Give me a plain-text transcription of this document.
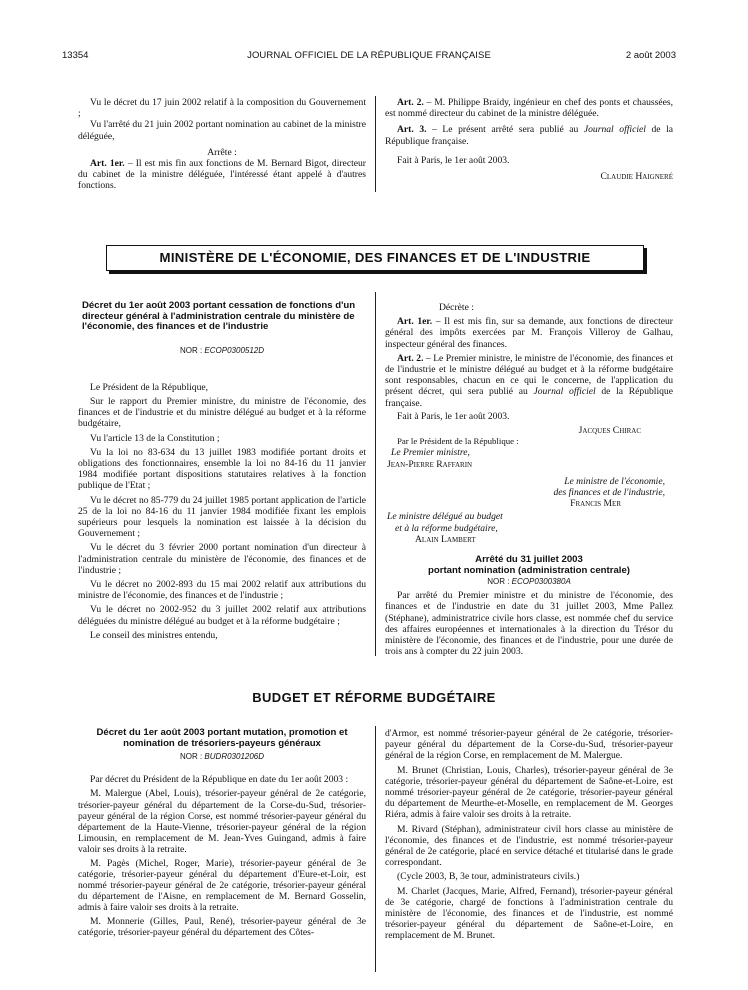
13354	JOURNAL OFFICIEL DE LA RÉPUBLIQUE FRANÇAISE	2 août 2003

Vu le décret du 17 juin 2002 relatif à la composition du Gouvernement ;

Vu l'arrêté du 21 juin 2002 portant nomination au cabinet de la ministre déléguée,

Arrête :

Art. 1er. – Il est mis fin aux fonctions de M. Bernard Bigot, directeur du cabinet de la ministre déléguée, l'intéressé étant appelé à d'autres fonctions.

Art. 2. – M. Philippe Braidy, ingénieur en chef des ponts et chaussées, est nommé directeur du cabinet de la ministre déléguée.

Art. 3. – Le présent arrêté sera publié au Journal officiel de la République française.

Fait à Paris, le 1er août 2003.

Claudie Haigneré

MINISTÈRE DE L'ÉCONOMIE, DES FINANCES ET DE L'INDUSTRIE

Décret du 1er août 2003 portant cessation de fonctions d'un directeur général à l'administration centrale du ministère de l'économie, des finances et de l'industrie

NOR : ECOP0300512D

Le Président de la République,

Sur le rapport du Premier ministre, du ministre de l'économie, des finances et de l'industrie et du ministre délégué au budget et à la réforme budgétaire,

Vu l'article 13 de la Constitution ;

Vu la loi no 83-634 du 13 juillet 1983 modifiée portant droits et obligations des fonctionnaires, ensemble la loi no 84-16 du 11 janvier 1984 modifiée portant dispositions statutaires relatives à la fonction publique de l'Etat ;

Vu le décret no 85-779 du 24 juillet 1985 portant application de l'article 25 de la loi no 84-16 du 11 janvier 1984 modifiée fixant les emplois supérieurs pour lesquels la nomination est laissée à la décision du Gouvernement ;

Vu le décret du 3 février 2000 portant nomination d'un directeur à l'administration centrale du ministère de l'économie, des finances et de l'industrie ;

Vu le décret no 2002-893 du 15 mai 2002 relatif aux attributions du ministre de l'économie, des finances et de l'industrie ;

Vu le décret no 2002-952 du 3 juillet 2002 relatif aux attributions déléguées du ministre délégué au budget et à la réforme budgétaire ;

Le conseil des ministres entendu,

Décrète :

Art. 1er. – Il est mis fin, sur sa demande, aux fonctions de directeur général des impôts exercées par M. François Villeroy de Galhau, inspecteur général des finances.

Art. 2. – Le Premier ministre, le ministre de l'économie, des finances et de l'industrie et le ministre délégué au budget et à la réforme budgétaire sont responsables, chacun en ce qui le concerne, de l'application du présent décret, qui sera publié au Journal officiel de la République française.

Fait à Paris, le 1er août 2003.

Jacques Chirac

Par le Président de la République :

Le Premier ministre,

Jean-Pierre Raffarin

Le ministre de l'économie,

des finances et de l'industrie,

Francis Mer

Le ministre délégué au budget

et à la réforme budgétaire,

Alain Lambert

Arrêté du 31 juillet 2003

portant nomination (administration centrale)

NOR : ECOP0300380A

Par arrêté du Premier ministre et du ministre de l'économie, des finances et de l'industrie en date du 31 juillet 2003, Mme Pallez (Stéphane), administratrice civile hors classe, est nommée chef du service des affaires européennes et internationales à la direction du Trésor du ministère de l'économie, des finances et de l'industrie, pour une durée de trois ans à compter du 22 juin 2003.

BUDGET ET RÉFORME BUDGÉTAIRE

Décret du 1er août 2003 portant mutation, promotion et nomination de trésoriers-payeurs généraux

NOR : BUDR0301206D

Par décret du Président de la République en date du 1er août 2003 :

M. Malergue (Abel, Louis), trésorier-payeur général de 2e catégorie, trésorier-payeur général du département de la Corse-du-Sud, trésorier-payeur général de la région Corse, est nommé trésorier-payeur général du département de la Haute-Vienne, trésorier-payeur général de la région Limousin, en remplacement de M. Jean-Yves Guingand, admis à faire valoir ses droits à la retraite.

M. Pagès (Michel, Roger, Marie), trésorier-payeur général de 3e catégorie, trésorier-payeur général du département d'Eure-et-Loir, est nommé trésorier-payeur général de 2e catégorie, trésorier-payeur général du département de l'Aisne, en remplacement de M. Bernard Gosselin, admis à faire valoir ses droits à la retraite.

M. Monnerie (Gilles, Paul, René), trésorier-payeur général de 3e catégorie, trésorier-payeur général du département des Côtes-

d'Armor, est nommé trésorier-payeur général de 2e catégorie, trésorier-payeur général du département de la Corse-du-Sud, trésorier-payeur général de la région Corse, en remplacement de M. Malergue.

M. Brunet (Christian, Louis, Charles), trésorier-payeur général de 3e catégorie, trésorier-payeur général du département de Saône-et-Loire, est nommé trésorier-payeur général de 2e catégorie, trésorier-payeur général du département de Meurthe-et-Moselle, en remplacement de M. Georges Riéra, admis à faire valoir ses droits à la retraite.

M. Rivard (Stéphan), administrateur civil hors classe au ministère de l'économie, des finances et de l'industrie, est nommé trésorier-payeur général de 2e catégorie, placé en service détaché et titularisé dans le grade correspondant.

(Cycle 2003, B, 3e tour, administrateurs civils.)

M. Charlet (Jacques, Marie, Alfred, Fernand), trésorier-payeur général de 3e catégorie, chargé de fonctions à l'administration centrale du ministère de l'économie, des finances et de l'industrie, est nommé trésorier-payeur général du département de Saône-et-Loire, en remplacement de M. Brunet.
